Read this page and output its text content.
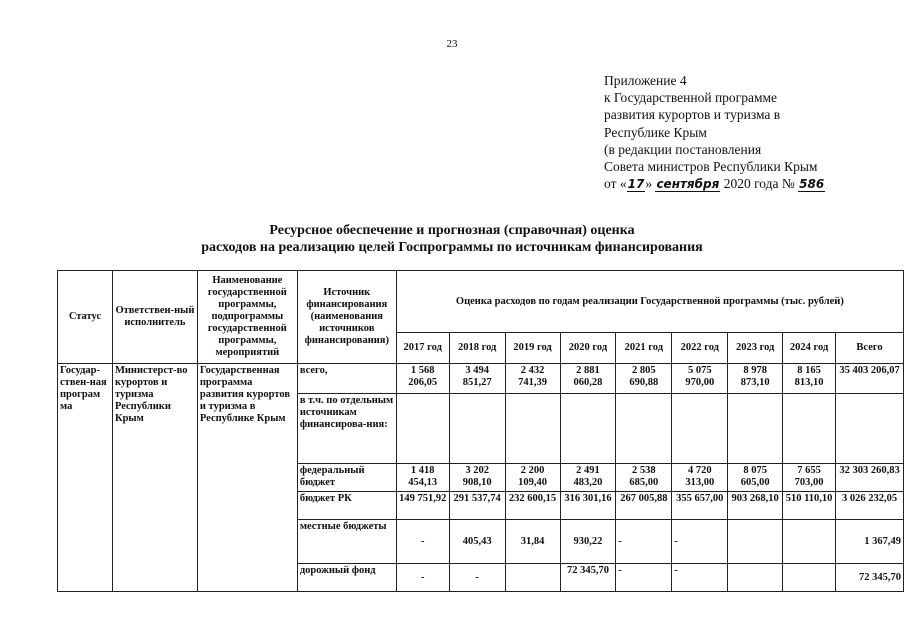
23
Приложение 4
к Государственной программе
развития курортов и туризма в
Республике Крым
(в редакции постановления
Совета министров Республики Крым
от «17» сентября 2020 года № 586
Ресурсное обеспечение и прогнозная (справочная) оценка
расходов на реализацию целей Госпрограммы по источникам финансирования
Статус	Ответствен-ный исполнитель	Наименование государственной программы, подпрограммы государственной программы, мероприятий	Источник финансирования (наименования источников финансирования)	Оценка расходов по годам реализации Государственной программы (тыс. рублей)								
				2017 год	2018 год	2019 год	2020 год	2021 год	2022 год	2023 год	2024 год	Всего
Государ-ствен-ная програм ма	Министерст-во курортов и туризма Республики Крым	Государственная программа развития курортов и туризма в Республике Крым	всего,	1 568 206,05	3 494 851,27	2 432 741,39	2 881 060,28	2 805 690,88	5 075 970,00	8 978 873,10	8 165 813,10	35 403 206,07
			в т.ч. по отдельным источникам финансирова-ния:									
			федеральный бюджет	1 418 454,13	3 202 908,10	2 200 109,40	2 491 483,20	2 538 685,00	4 720 313,00	8 075 605,00	7 655 703,00	32 303 260,83
			бюджет РК	149 751,92	291 537,74	232 600,15	316 301,16	267 005,88	355 657,00	903 268,10	510 110,10	3 026 232,05
			местные бюджеты	-	405,43	31,84	930,22	-	-			1 367,49
			дорожный фонд	-	-		72 345,70	-	-			72 345,70
